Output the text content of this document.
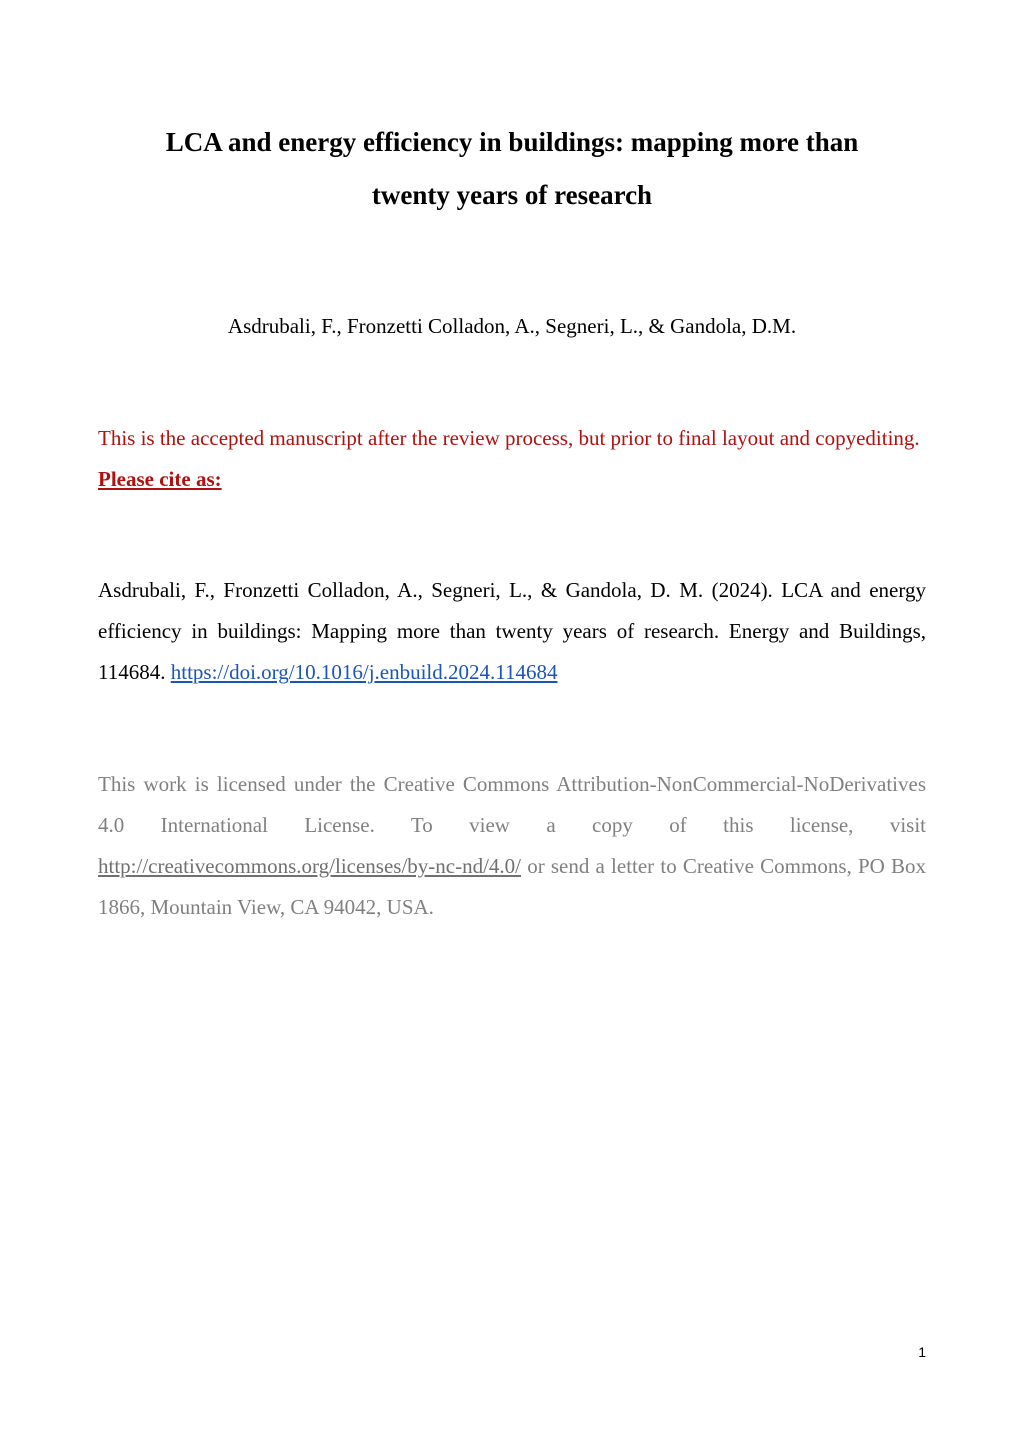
LCA and energy efficiency in buildings: mapping more than
twenty years of research
Asdrubali, F., Fronzetti Colladon, A., Segneri, L., & Gandola, D.M.
This is the accepted manuscript after the review process, but prior to final layout and copyediting. Please cite as:
Asdrubali, F., Fronzetti Colladon, A., Segneri, L., & Gandola, D. M. (2024). LCA and energy efficiency in buildings: Mapping more than twenty years of research. Energy and Buildings, 114684. https://doi.org/10.1016/j.enbuild.2024.114684
This work is licensed under the Creative Commons Attribution-NonCommercial-NoDerivatives 4.0 International License. To view a copy of this license, visit http://creativecommons.org/licenses/by-nc-nd/4.0/ or send a letter to Creative Commons, PO Box 1866, Mountain View, CA 94042, USA.
1
